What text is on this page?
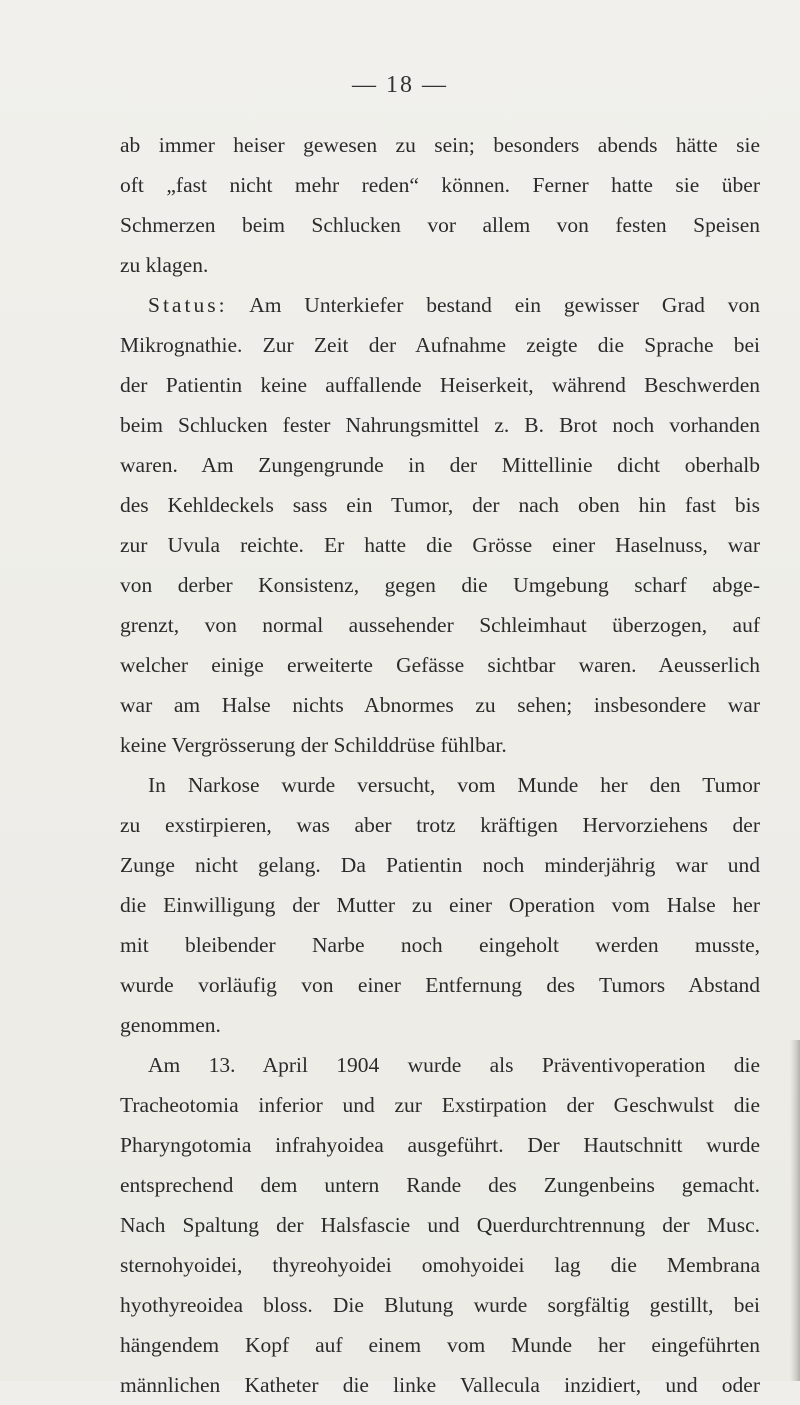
— 18 —
ab immer heiser gewesen zu sein; besonders abends hätte sie
oft „fast nicht mehr reden“ können. Ferner hatte sie über
Schmerzen beim Schlucken vor allem von festen Speisen
zu klagen.
Status: Am Unterkiefer bestand ein gewisser Grad von
Mikrognathie. Zur Zeit der Aufnahme zeigte die Sprache bei
der Patientin keine auffallende Heiserkeit, während Beschwerden
beim Schlucken fester Nahrungsmittel z. B. Brot noch vorhanden
waren. Am Zungengrunde in der Mittellinie dicht oberhalb
des Kehldeckels sass ein Tumor, der nach oben hin fast bis
zur Uvula reichte. Er hatte die Grösse einer Haselnuss, war
von derber Konsistenz, gegen die Umgebung scharf abge-
grenzt, von normal aussehender Schleimhaut überzogen, auf
welcher einige erweiterte Gefässe sichtbar waren. Aeusserlich
war am Halse nichts Abnormes zu sehen; insbesondere war
keine Vergrösserung der Schilddrüse fühlbar.
In Narkose wurde versucht, vom Munde her den Tumor
zu exstirpieren, was aber trotz kräftigen Hervorziehens der
Zunge nicht gelang. Da Patientin noch minderjährig war und
die Einwilligung der Mutter zu einer Operation vom Halse her
mit bleibender Narbe noch eingeholt werden musste,
wurde vorläufig von einer Entfernung des Tumors Abstand
genommen.
Am 13. April 1904 wurde als Präventivoperation die
Tracheotomia inferior und zur Exstirpation der Geschwulst die
Pharyngotomia infrahyoidea ausgeführt. Der Hautschnitt wurde
entsprechend dem untern Rande des Zungenbeins gemacht.
Nach Spaltung der Halsfascie und Querdurchtrennung der Musc.
sternohyoidei, thyreohyoidei omohyoidei lag die Membrana
hyothyreoidea bloss. Die Blutung wurde sorgfältig gestillt, bei
hängendem Kopf auf einem vom Munde her eingeführten
männlichen Katheter die linke Vallecula inzidiert, und oder
